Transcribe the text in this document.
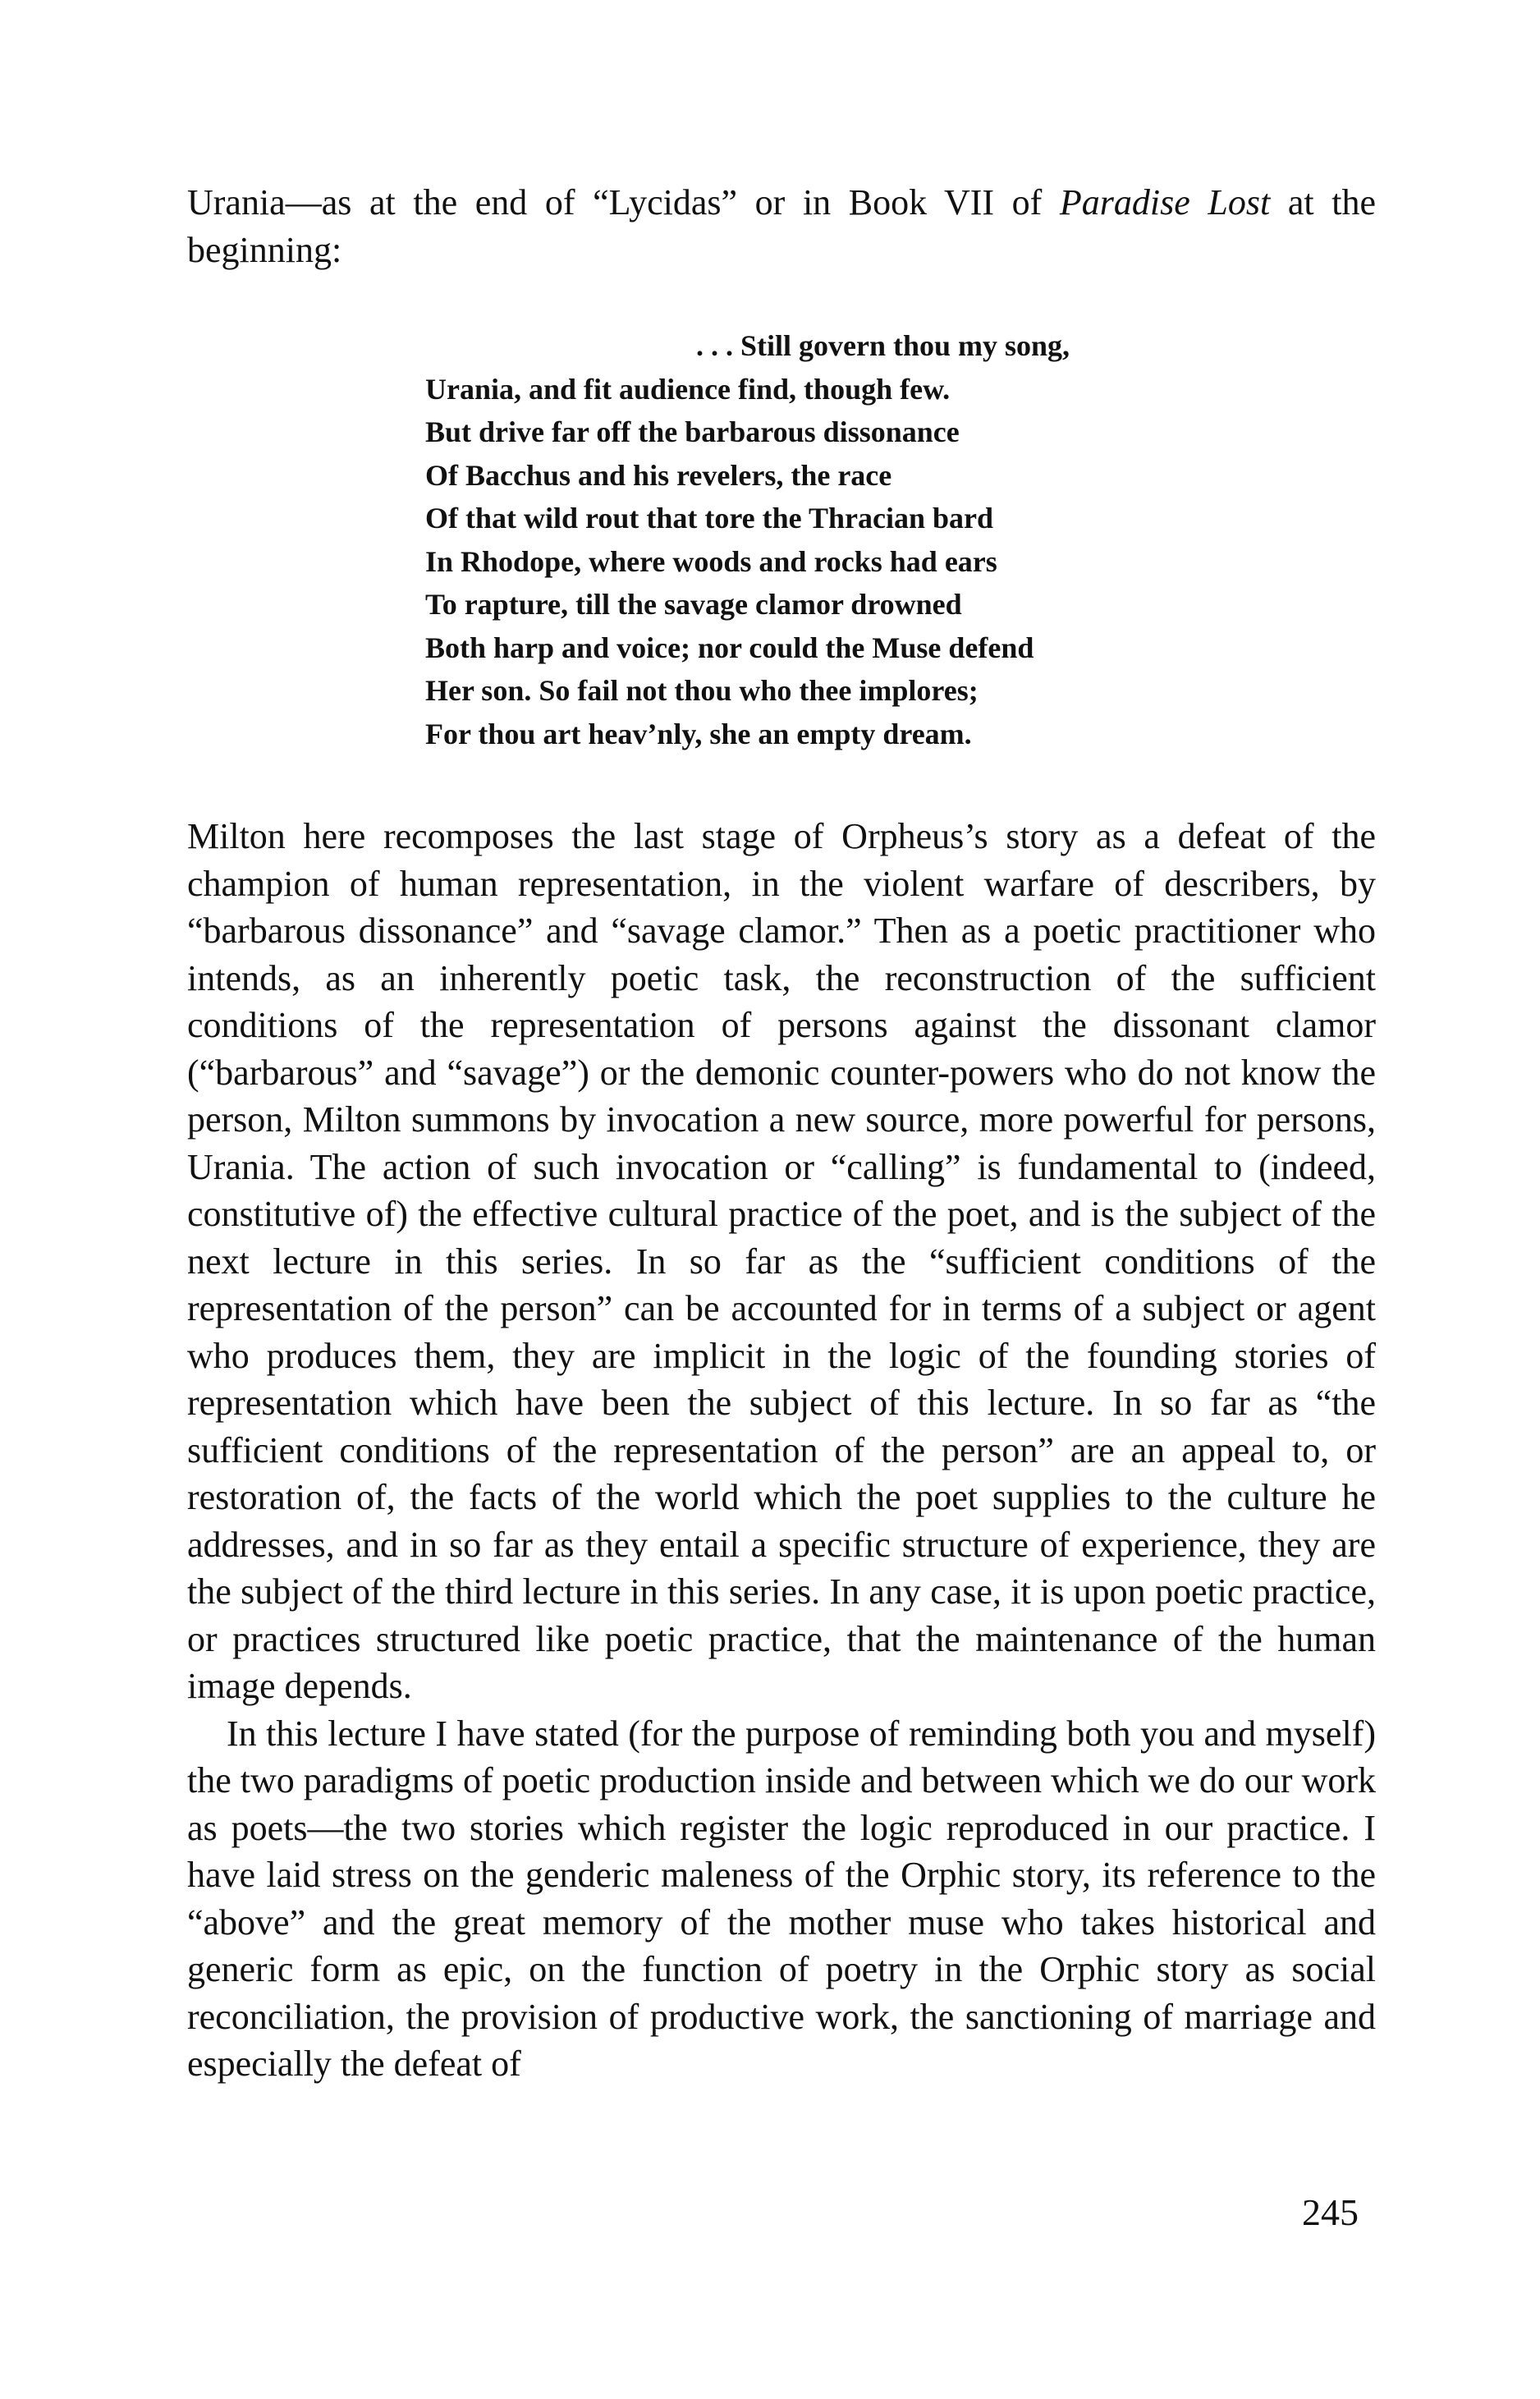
Urania—as at the end of “Lycidas” or in Book VII of Paradise Lost at the beginning:
. . . Still govern thou my song,
Urania, and fit audience find, though few.
But drive far off the barbarous dissonance
Of Bacchus and his revelers, the race
Of that wild rout that tore the Thracian bard
In Rhodope, where woods and rocks had ears
To rapture, till the savage clamor drowned
Both harp and voice; nor could the Muse defend
Her son. So fail not thou who thee implores;
For thou art heav’nly, she an empty dream.

Milton here recomposes the last stage of Orpheus’s story as a defeat of the champion of human representation, in the violent warfare of describers, by “barbarous dissonance” and “savage clamor.” Then as a poetic practitioner who intends, as an inherently poetic task, the reconstruction of the sufficient conditions of the representation of persons against the dissonant clamor (“barbarous” and “savage”) or the demonic counter-powers who do not know the person, Milton summons by invocation a new source, more powerful for persons, Urania. The action of such invocation or “calling” is fundamental to (indeed, constitutive of) the effective cultural practice of the poet, and is the subject of the next lecture in this series. In so far as the “sufficient conditions of the representation of the person” can be accounted for in terms of a subject or agent who produces them, they are implicit in the logic of the founding stories of representation which have been the subject of this lecture. In so far as “the sufficient conditions of the representation of the person” are an appeal to, or restoration of, the facts of the world which the poet supplies to the culture he addresses, and in so far as they entail a specific structure of experience, they are the subject of the third lecture in this series. In any case, it is upon poetic practice, or practices structured like poetic practice, that the maintenance of the human image depends.

In this lecture I have stated (for the purpose of reminding both you and myself) the two paradigms of poetic production inside and between which we do our work as poets—the two stories which register the logic reproduced in our practice. I have laid stress on the genderic maleness of the Orphic story, its reference to the “above” and the great memory of the mother muse who takes historical and generic form as epic, on the function of poetry in the Orphic story as social reconciliation, the provision of productive work, the sanctioning of marriage and especially the defeat of

245
